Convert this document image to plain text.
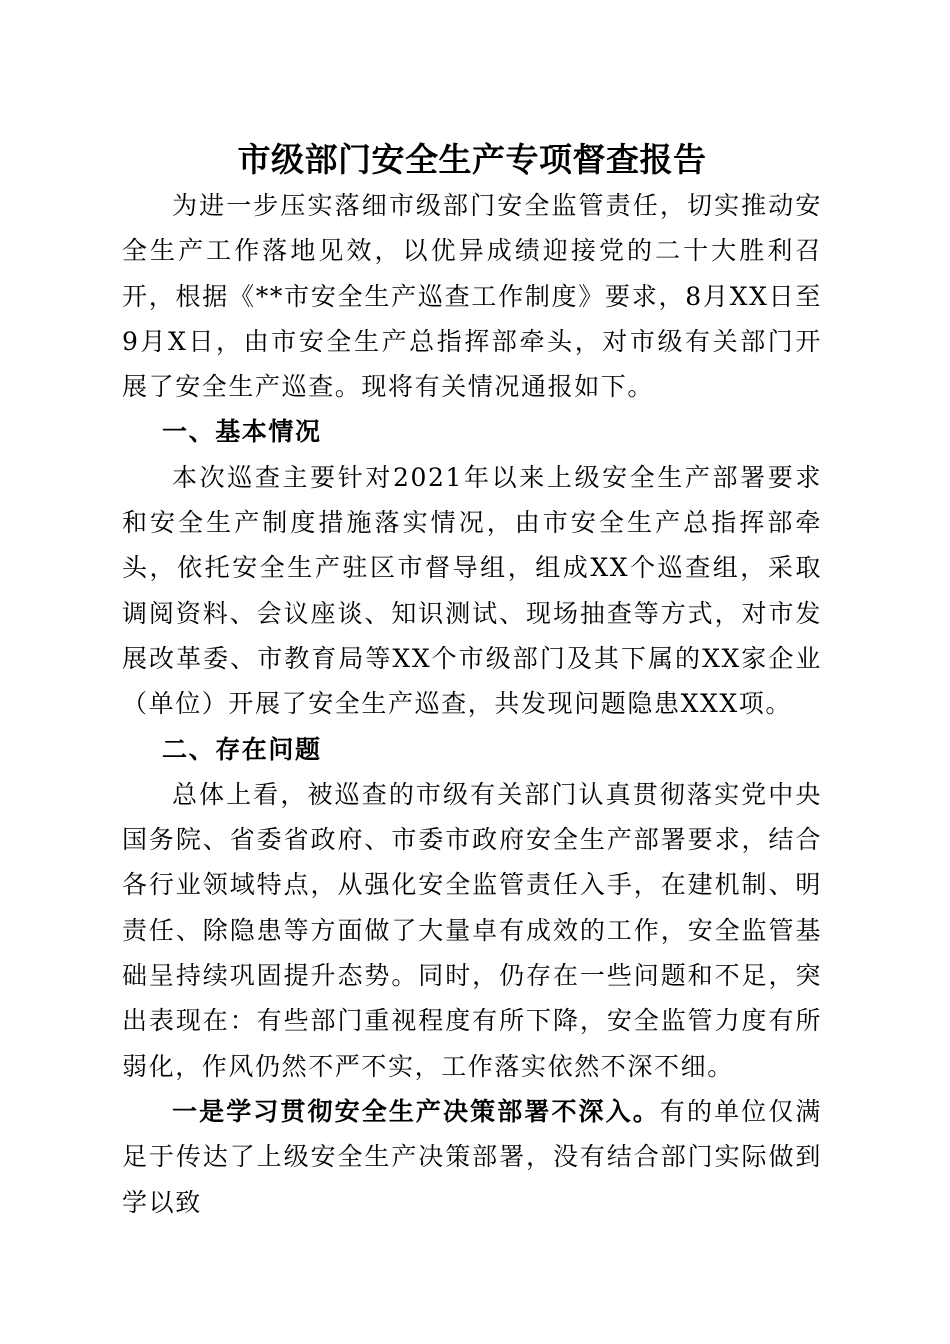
市级部门安全生产专项督查报告

为进一步压实落细市级部门安全监管责任，切实推动安全生产工作落地见效，以优异成绩迎接党的二十大胜利召开，根据《**市安全生产巡查工作制度》要求，8月XX日至9月X日，由市安全生产总指挥部牵头，对市级有关部门开展了安全生产巡查。现将有关情况通报如下。

一、基本情况

本次巡查主要针对2021年以来上级安全生产部署要求和安全生产制度措施落实情况，由市安全生产总指挥部牵头，依托安全生产驻区市督导组，组成XX个巡查组，采取调阅资料、会议座谈、知识测试、现场抽查等方式，对市发展改革委、市教育局等XX个市级部门及其下属的XX家企业（单位）开展了安全生产巡查，共发现问题隐患XXX项。

二、存在问题

总体上看，被巡查的市级有关部门认真贯彻落实党中央国务院、省委省政府、市委市政府安全生产部署要求，结合各行业领域特点，从强化安全监管责任入手，在建机制、明责任、除隐患等方面做了大量卓有成效的工作，安全监管基础呈持续巩固提升态势。同时，仍存在一些问题和不足，突出表现在：有些部门重视程度有所下降，安全监管力度有所弱化，作风仍然不严不实，工作落实依然不深不细。

一是学习贯彻安全生产决策部署不深入。有的单位仅满足于传达了上级安全生产决策部署，没有结合部门实际做到学以致
